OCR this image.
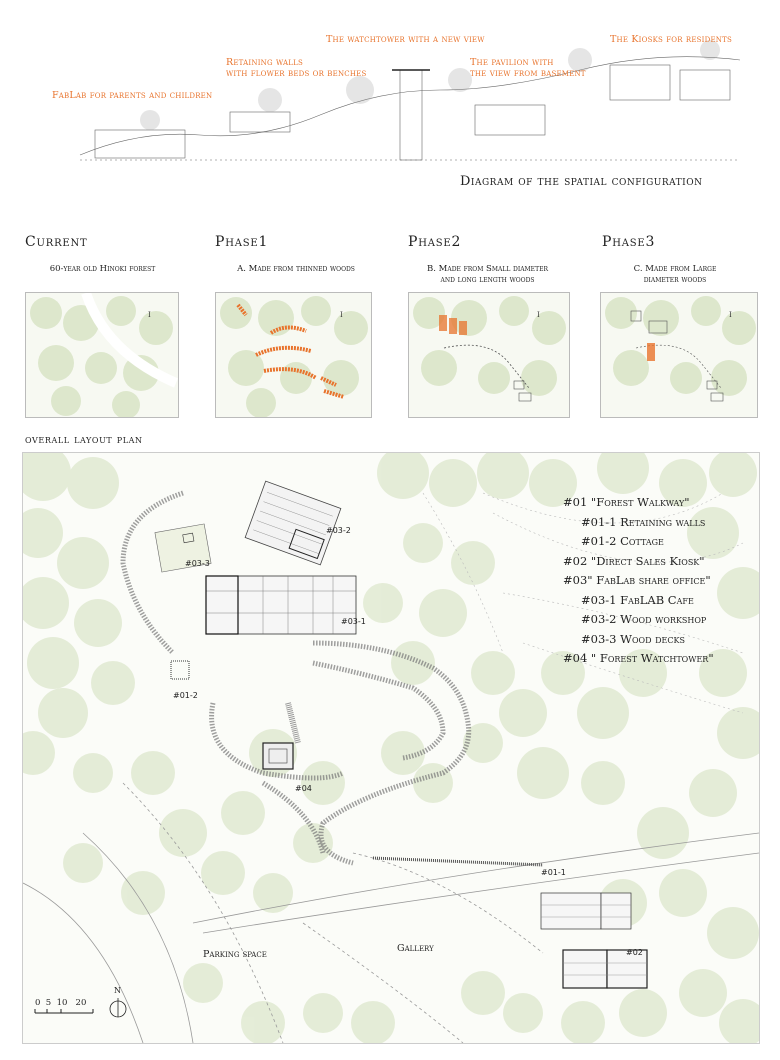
FabLab for parents and children
Retaining walls
with flower beds or benches
The watchtower with a new view
The pavilion with
the view from basement
The Kiosks for residents
Diagram of the spatial configuration
Current	Phase1	Phase2	Phase3
60-year old Hinoki forest	A. Made from thinned woods	B. Made from Small diameter
and long length woods
C. Made from Large
diameter woods
I	I	I	I
overall layout plan
#03-2
#03-3
#03-1
#01-2
#04
#01-1
#02
Parking space
Gallery
0  5  10   20
N
#01 "Forest Walkway"
#01-1 Retaining walls
#01-2 Cottage
#02 "Direct Sales Kiosk"
#03" FabLab share office"
#03-1 FabLAB Cafe
#03-2 Wood workshop
#03-3 Wood decks
#04 " Forest Watchtower"
